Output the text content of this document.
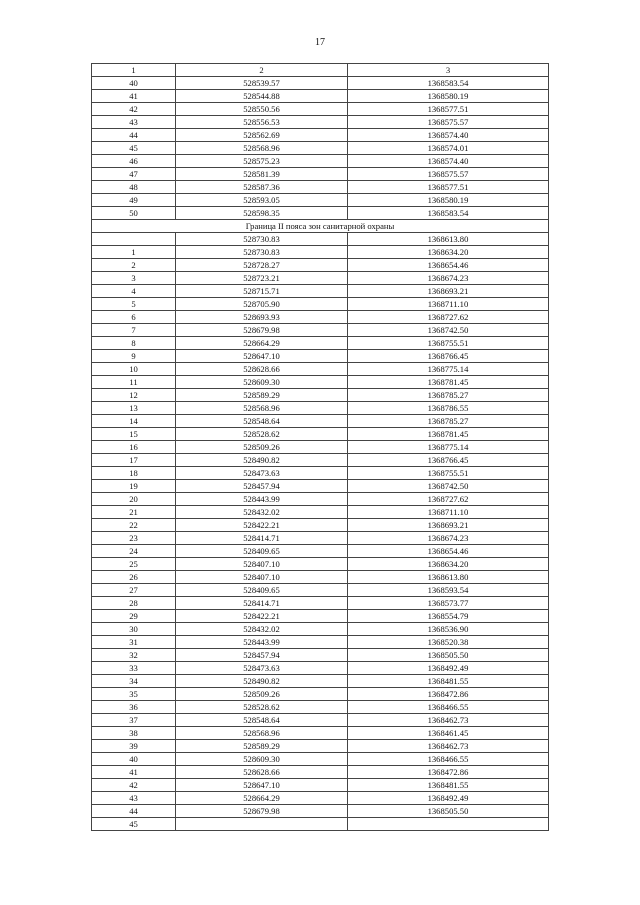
17
1	2	3
40	528539.57	1368583.54
41	528544.88	1368580.19
42	528550.56	1368577.51
43	528556.53	1368575.57
44	528562.69	1368574.40
45	528568.96	1368574.01
46	528575.23	1368574.40
47	528581.39	1368575.57
48	528587.36	1368577.51
49	528593.05	1368580.19
50	528598.35	1368583.54
Граница II пояса зон санитарной охраны		
	528730.83	1368613.80
1	528730.83	1368634.20
2	528728.27	1368654.46
3	528723.21	1368674.23
4	528715.71	1368693.21
5	528705.90	1368711.10
6	528693.93	1368727.62
7	528679.98	1368742.50
8	528664.29	1368755.51
9	528647.10	1368766.45
10	528628.66	1368775.14
11	528609.30	1368781.45
12	528589.29	1368785.27
13	528568.96	1368786.55
14	528548.64	1368785.27
15	528528.62	1368781.45
16	528509.26	1368775.14
17	528490.82	1368766.45
18	528473.63	1368755.51
19	528457.94	1368742.50
20	528443.99	1368727.62
21	528432.02	1368711.10
22	528422.21	1368693.21
23	528414.71	1368674.23
24	528409.65	1368654.46
25	528407.10	1368634.20
26	528407.10	1368613.80
27	528409.65	1368593.54
28	528414.71	1368573.77
29	528422.21	1368554.79
30	528432.02	1368536.90
31	528443.99	1368520.38
32	528457.94	1368505.50
33	528473.63	1368492.49
34	528490.82	1368481.55
35	528509.26	1368472.86
36	528528.62	1368466.55
37	528548.64	1368462.73
38	528568.96	1368461.45
39	528589.29	1368462.73
40	528609.30	1368466.55
41	528628.66	1368472.86
42	528647.10	1368481.55
43	528664.29	1368492.49
44	528679.98	1368505.50
45		
